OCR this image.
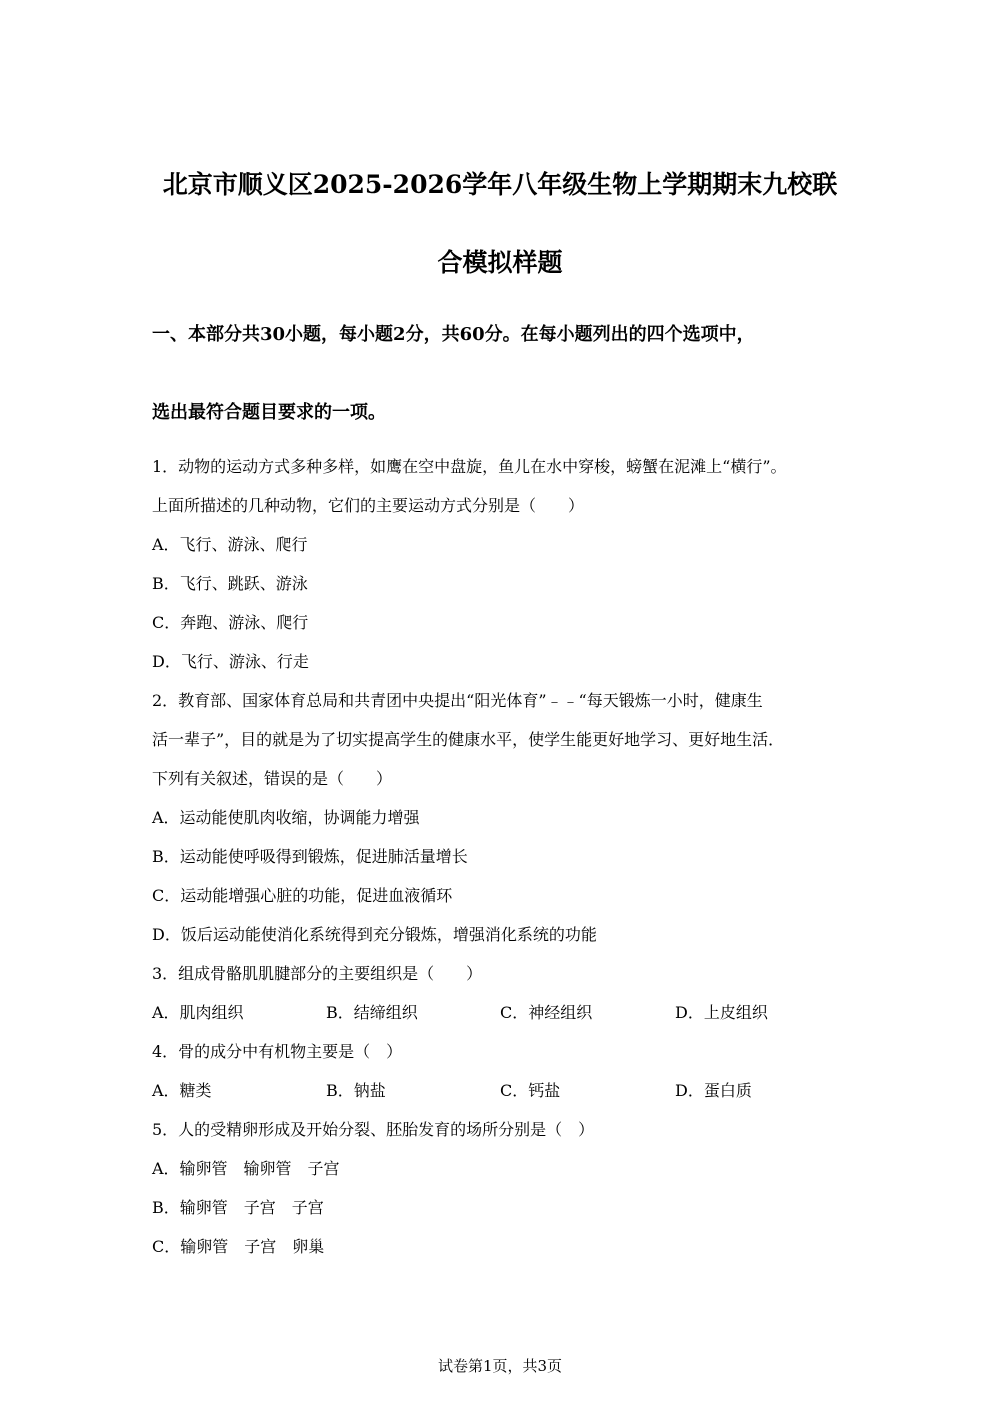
北京市顺义区2025-2026学年八年级生物上学期期末九校联
合模拟样题

一、本部分共30小题，每小题2分，共60分。在每小题列出的四个选项中，

选出最符合题目要求的一项。

1．动物的运动方式多种多样，如鹰在空中盘旋，鱼儿在水中穿梭，螃蟹在泥滩上“横行”。

上面所描述的几种动物，它们的主要运动方式分别是（　　）

A．飞行、游泳、爬行

B．飞行、跳跃、游泳

C．奔跑、游泳、爬行

D．飞行、游泳、行走

2．教育部、国家体育总局和共青团中央提出“阳光体育”﹣﹣“每天锻炼一小时，健康生

活一辈子”，目的就是为了切实提高学生的健康水平，使学生能更好地学习、更好地生活．

下列有关叙述，错误的是（　　）

A．运动能使肌肉收缩，协调能力增强

B．运动能使呼吸得到锻炼，促进肺活量增长

C．运动能增强心脏的功能，促进血液循环

D．饭后运动能使消化系统得到充分锻炼，增强消化系统的功能

3．组成骨骼肌肌腱部分的主要组织是（　　）

A．肌肉组织	B．结缔组织	C．神经组织	D．上皮组织

4．骨的成分中有机物主要是（　）

A．糖类	B．钠盐	C．钙盐	D．蛋白质

5．人的受精卵形成及开始分裂、胚胎发育的场所分别是（　）

A．输卵管　输卵管　子宫

B．输卵管　子宫　子宫

C．输卵管　子宫　卵巢

试卷第1页，共3页
